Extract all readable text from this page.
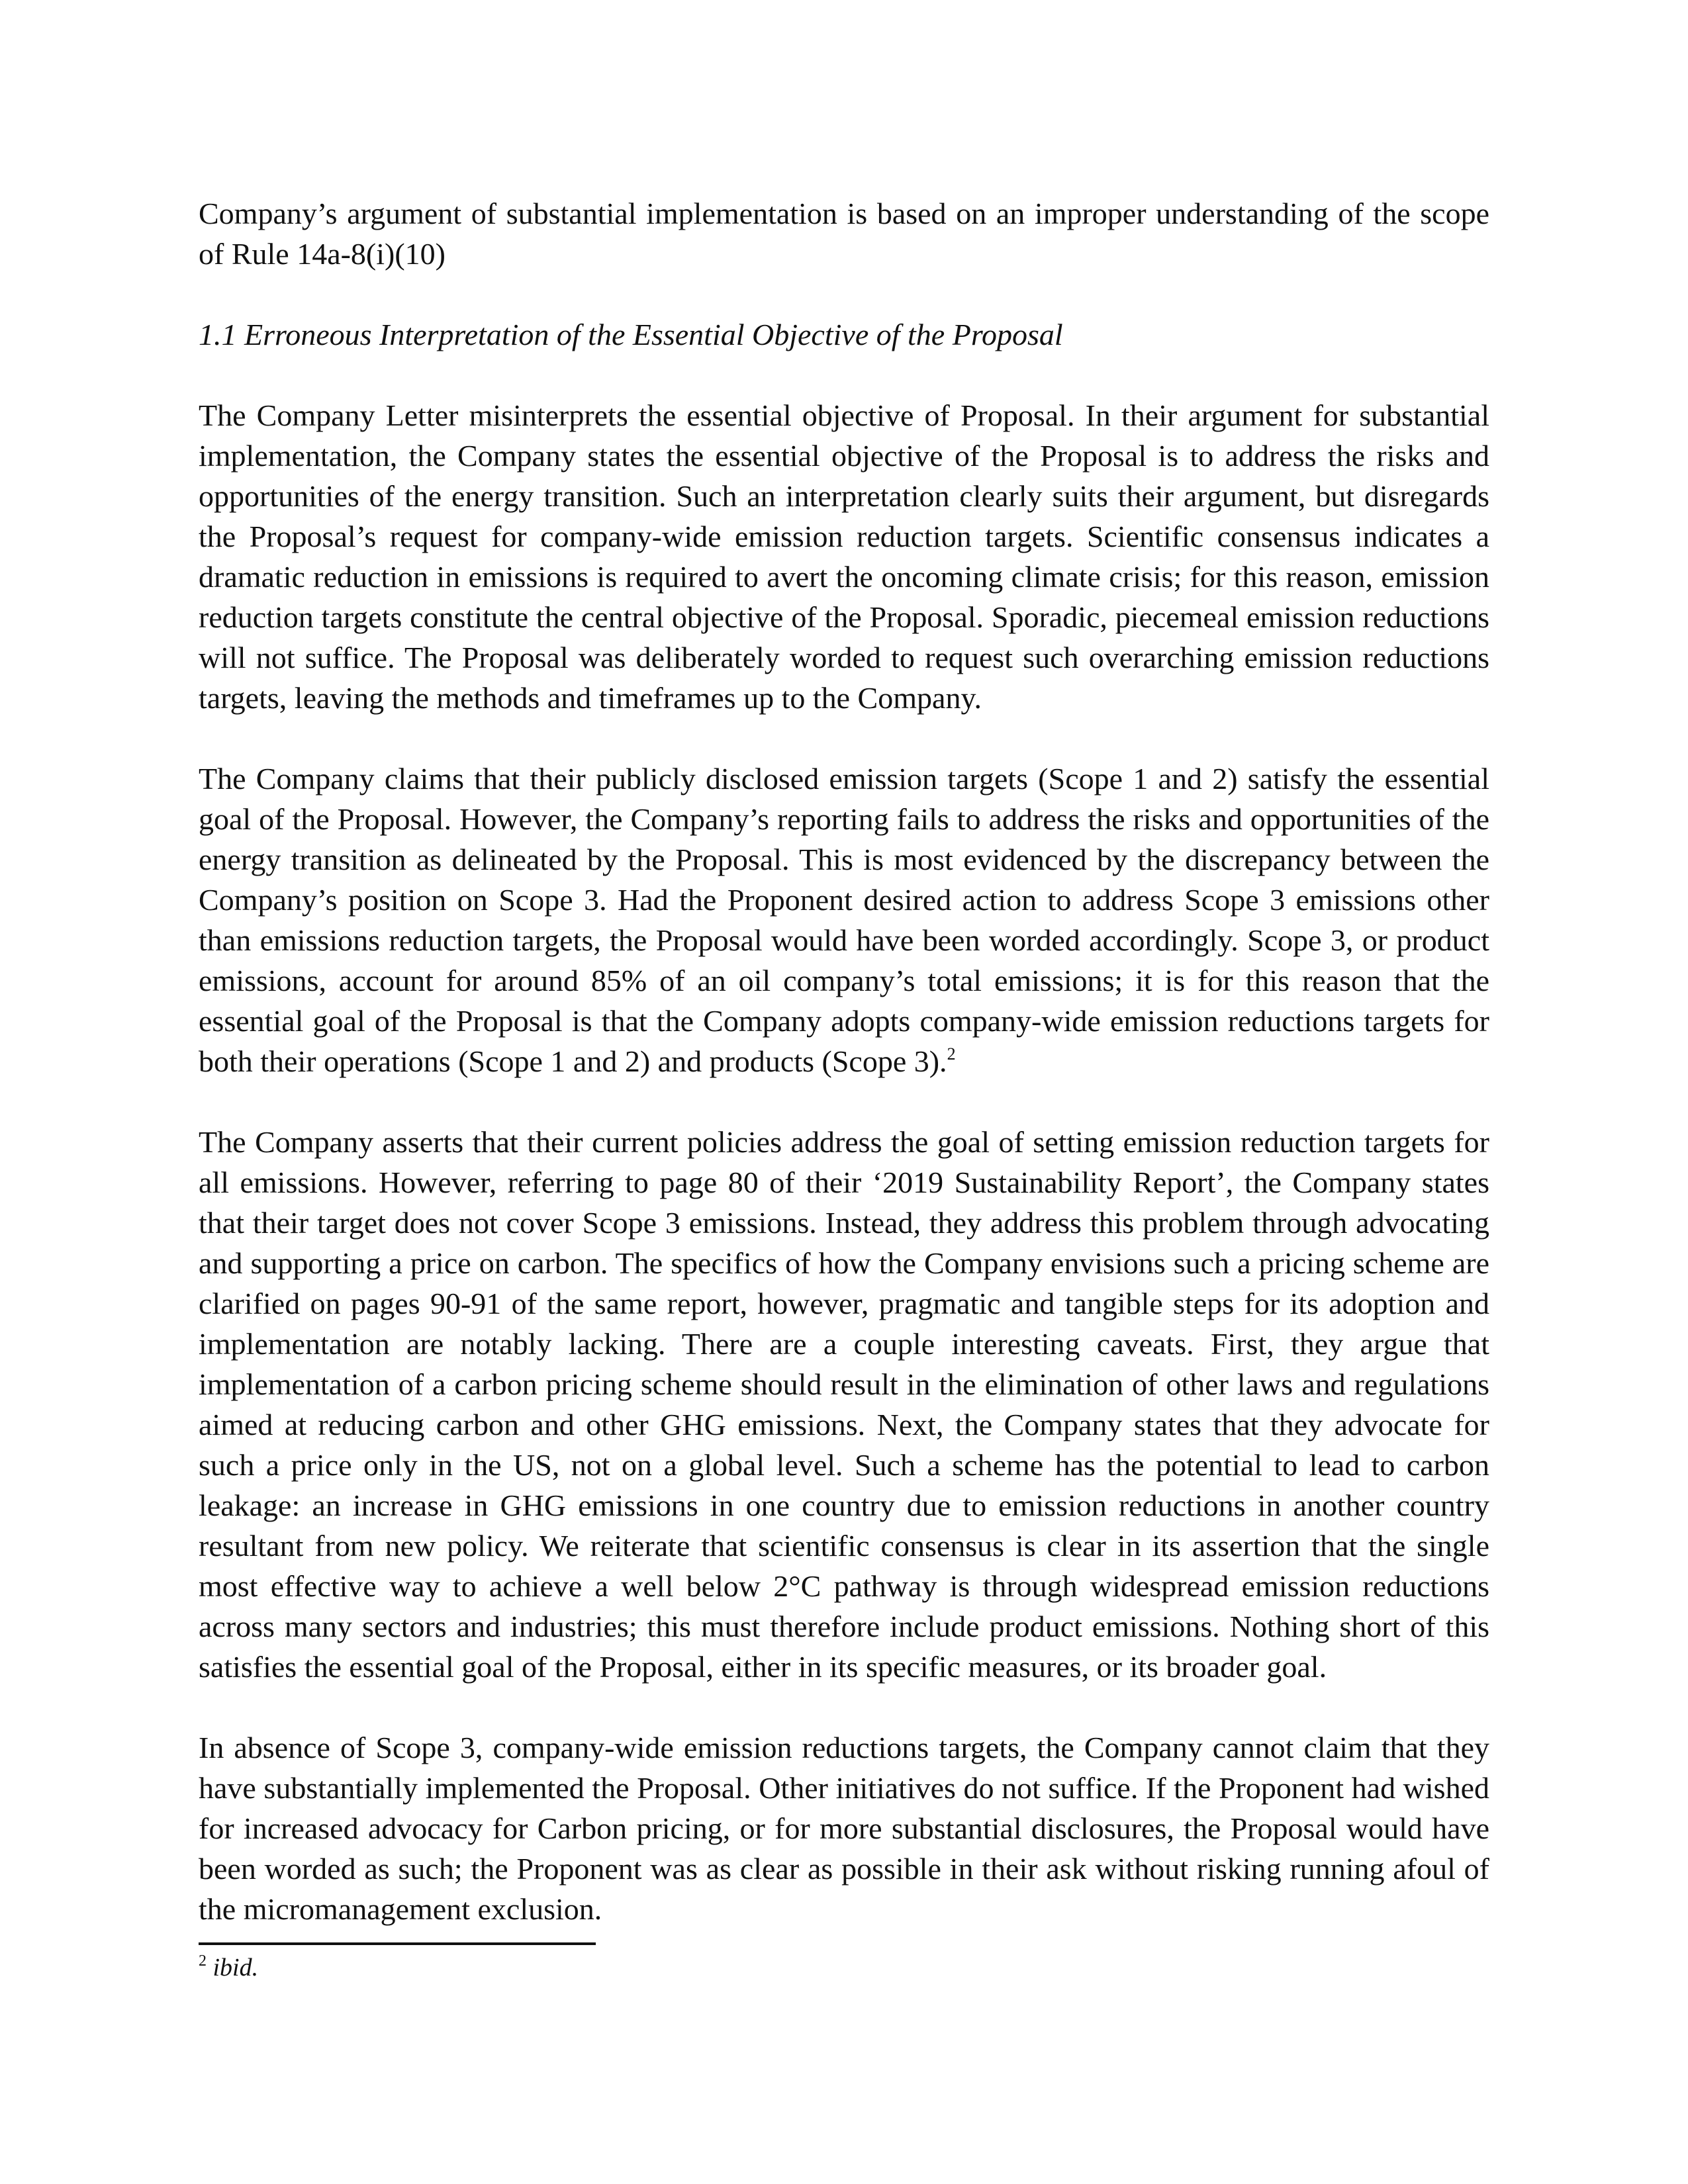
Company’s argument of substantial implementation is based on an improper understanding of the scope of Rule 14a-8(i)(10)

1.1 Erroneous Interpretation of the Essential Objective of the Proposal

The Company Letter misinterprets the essential objective of Proposal. In their argument for substantial implementation, the Company states the essential objective of the Proposal is to address the risks and opportunities of the energy transition. Such an interpretation clearly suits their argument, but disregards the Proposal’s request for company-wide emission reduction targets. Scientific consensus indicates a dramatic reduction in emissions is required to avert the oncoming climate crisis; for this reason, emission reduction targets constitute the central objective of the Proposal. Sporadic, piecemeal emission reductions will not suffice. The Proposal was deliberately worded to request such overarching emission reductions targets, leaving the methods and timeframes up to the Company.

The Company claims that their publicly disclosed emission targets (Scope 1 and 2) satisfy the essential goal of the Proposal. However, the Company’s reporting fails to address the risks and opportunities of the energy transition as delineated by the Proposal. This is most evidenced by the discrepancy between the Company’s position on Scope 3. Had the Proponent desired action to address Scope 3 emissions other than emissions reduction targets, the Proposal would have been worded accordingly. Scope 3, or product emissions, account for around 85% of an oil company’s total emissions; it is for this reason that the essential goal of the Proposal is that the Company adopts company-wide emission reductions targets for both their operations (Scope 1 and 2) and products (Scope 3).$^2$

The Company asserts that their current policies address the goal of setting emission reduction targets for all emissions. However, referring to page 80 of their ‘2019 Sustainability Report’, the Company states that their target does not cover Scope 3 emissions. Instead, they address this problem through advocating and supporting a price on carbon. The specifics of how the Company envisions such a pricing scheme are clarified on pages 90-91 of the same report, however, pragmatic and tangible steps for its adoption and implementation are notably lacking. There are a couple interesting caveats. First, they argue that implementation of a carbon pricing scheme should result in the elimination of other laws and regulations aimed at reducing carbon and other GHG emissions. Next, the Company states that they advocate for such a price only in the US, not on a global level. Such a scheme has the potential to lead to carbon leakage: an increase in GHG emissions in one country due to emission reductions in another country resultant from new policy. We reiterate that scientific consensus is clear in its assertion that the single most effective way to achieve a well below 2°C pathway is through widespread emission reductions across many sectors and industries; this must therefore include product emissions. Nothing short of this satisfies the essential goal of the Proposal, either in its specific measures, or its broader goal.

In absence of Scope 3, company-wide emission reductions targets, the Company cannot claim that they have substantially implemented the Proposal. Other initiatives do not suffice. If the Proponent had wished for increased advocacy for Carbon pricing, or for more substantial disclosures, the Proposal would have been worded as such; the Proponent was as clear as possible in their ask without risking running afoul of the micromanagement exclusion.

$^2$ ibid.
